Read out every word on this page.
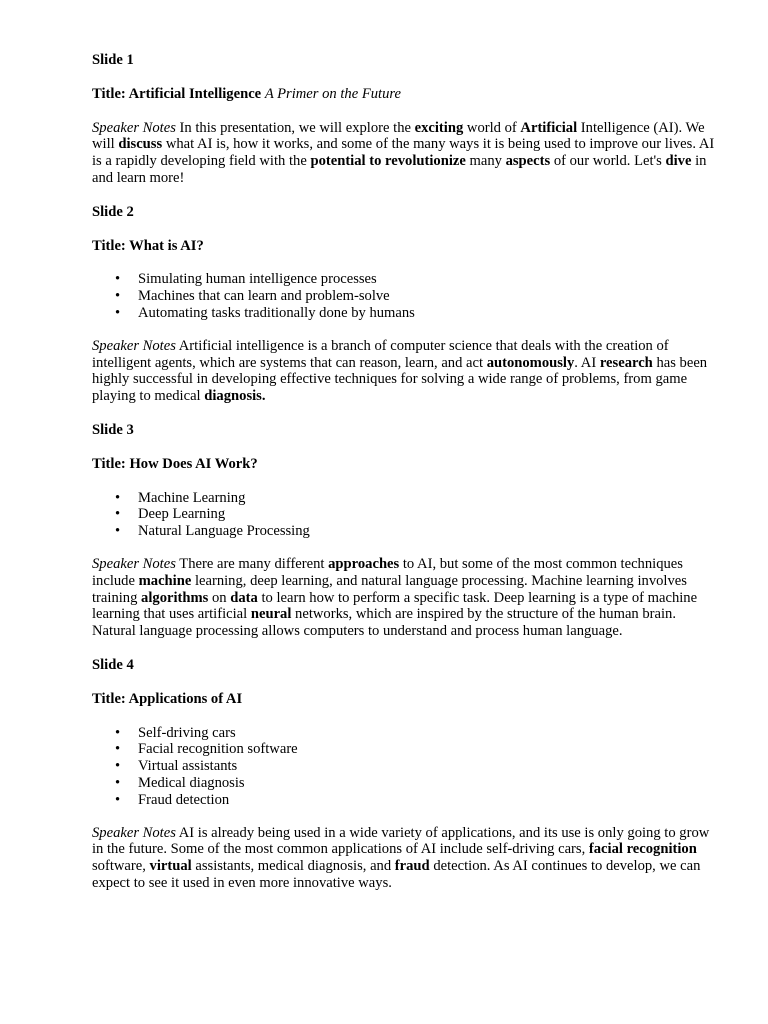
Slide 1

Title: Artificial Intelligence A Primer on the Future

Speaker Notes In this presentation, we will explore the exciting world of Artificial Intelligence (AI). We will discuss what AI is, how it works, and some of the many ways it is being used to improve our lives. AI is a rapidly developing field with the potential to revolutionize many aspects of our world. Let's dive in and learn more!

Slide 2

Title: What is AI?

• Simulating human intelligence processes
• Machines that can learn and problem-solve
• Automating tasks traditionally done by humans

Speaker Notes Artificial intelligence is a branch of computer science that deals with the creation of intelligent agents, which are systems that can reason, learn, and act autonomously. AI research has been highly successful in developing effective techniques for solving a wide range of problems, from game playing to medical diagnosis.

Slide 3

Title: How Does AI Work?

• Machine Learning
• Deep Learning
• Natural Language Processing

Speaker Notes There are many different approaches to AI, but some of the most common techniques include machine learning, deep learning, and natural language processing. Machine learning involves training algorithms on data to learn how to perform a specific task. Deep learning is a type of machine learning that uses artificial neural networks, which are inspired by the structure of the human brain. Natural language processing allows computers to understand and process human language.

Slide 4

Title: Applications of AI

• Self-driving cars
• Facial recognition software
• Virtual assistants
• Medical diagnosis
• Fraud detection

Speaker Notes AI is already being used in a wide variety of applications, and its use is only going to grow in the future. Some of the most common applications of AI include self-driving cars, facial recognition software, virtual assistants, medical diagnosis, and fraud detection. As AI continues to develop, we can expect to see it used in even more innovative ways.
